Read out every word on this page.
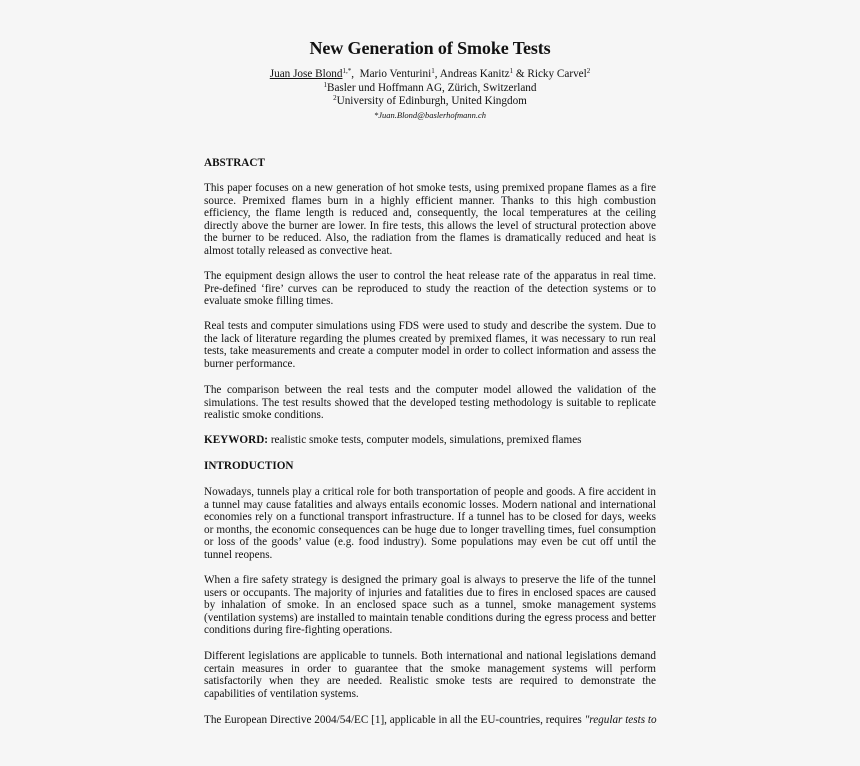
New Generation of Smoke Tests
Juan Jose Blond$^{1,*}$,  Mario Venturini$^1$, Andreas Kanitz$^1$ & Ricky Carvel$^2$
$^1$Basler und Hoffmann AG, Zürich, Switzerland
$^2$University of Edinburgh, United Kingdom
*Juan.Blond@baslerhofmann.ch
ABSTRACT
This paper focuses on a new generation of hot smoke tests, using premixed propane flames as a fire source. Premixed flames burn in a highly efficient manner. Thanks to this high combustion efficiency, the flame length is reduced and, consequently, the local temperatures at the ceiling directly above the burner are lower. In fire tests, this allows the level of structural protection above the burner to be reduced. Also, the radiation from the flames is dramatically reduced and heat is almost totally released as convective heat.
The equipment design allows the user to control the heat release rate of the apparatus in real time. Pre-defined ‘fire’ curves can be reproduced to study the reaction of the detection systems or to evaluate smoke filling times.
Real tests and computer simulations using FDS were used to study and describe the system. Due to the lack of literature regarding the plumes created by premixed flames, it was necessary to run real tests, take measurements and create a computer model in order to collect information and assess the burner performance.
The comparison between the real tests and the computer model allowed the validation of the simulations. The test results showed that the developed testing methodology is suitable to replicate realistic smoke conditions.
KEYWORD: realistic smoke tests, computer models, simulations, premixed flames
INTRODUCTION
Nowadays, tunnels play a critical role for both transportation of people and goods. A fire accident in a tunnel may cause fatalities and always entails economic losses. Modern national and international economies rely on a functional transport infrastructure. If a tunnel has to be closed for days, weeks or months, the economic consequences can be huge due to longer travelling times, fuel consumption or loss of the goods’ value (e.g. food industry). Some populations may even be cut off until the tunnel reopens.
When a fire safety strategy is designed the primary goal is always to preserve the life of the tunnel users or occupants. The majority of injuries and fatalities due to fires in enclosed spaces are caused by inhalation of smoke. In an enclosed space such as a tunnel, smoke management systems (ventilation systems) are installed to maintain tenable conditions during the egress process and better conditions during fire-fighting operations.
Different legislations are applicable to tunnels. Both international and national legislations demand certain measures in order to guarantee that the smoke management systems will perform satisfactorily when they are needed. Realistic smoke tests are required to demonstrate the capabilities of ventilation systems.
The European Directive 2004/54/EC [1], applicable in all the EU-countries, requires "regular tests to
